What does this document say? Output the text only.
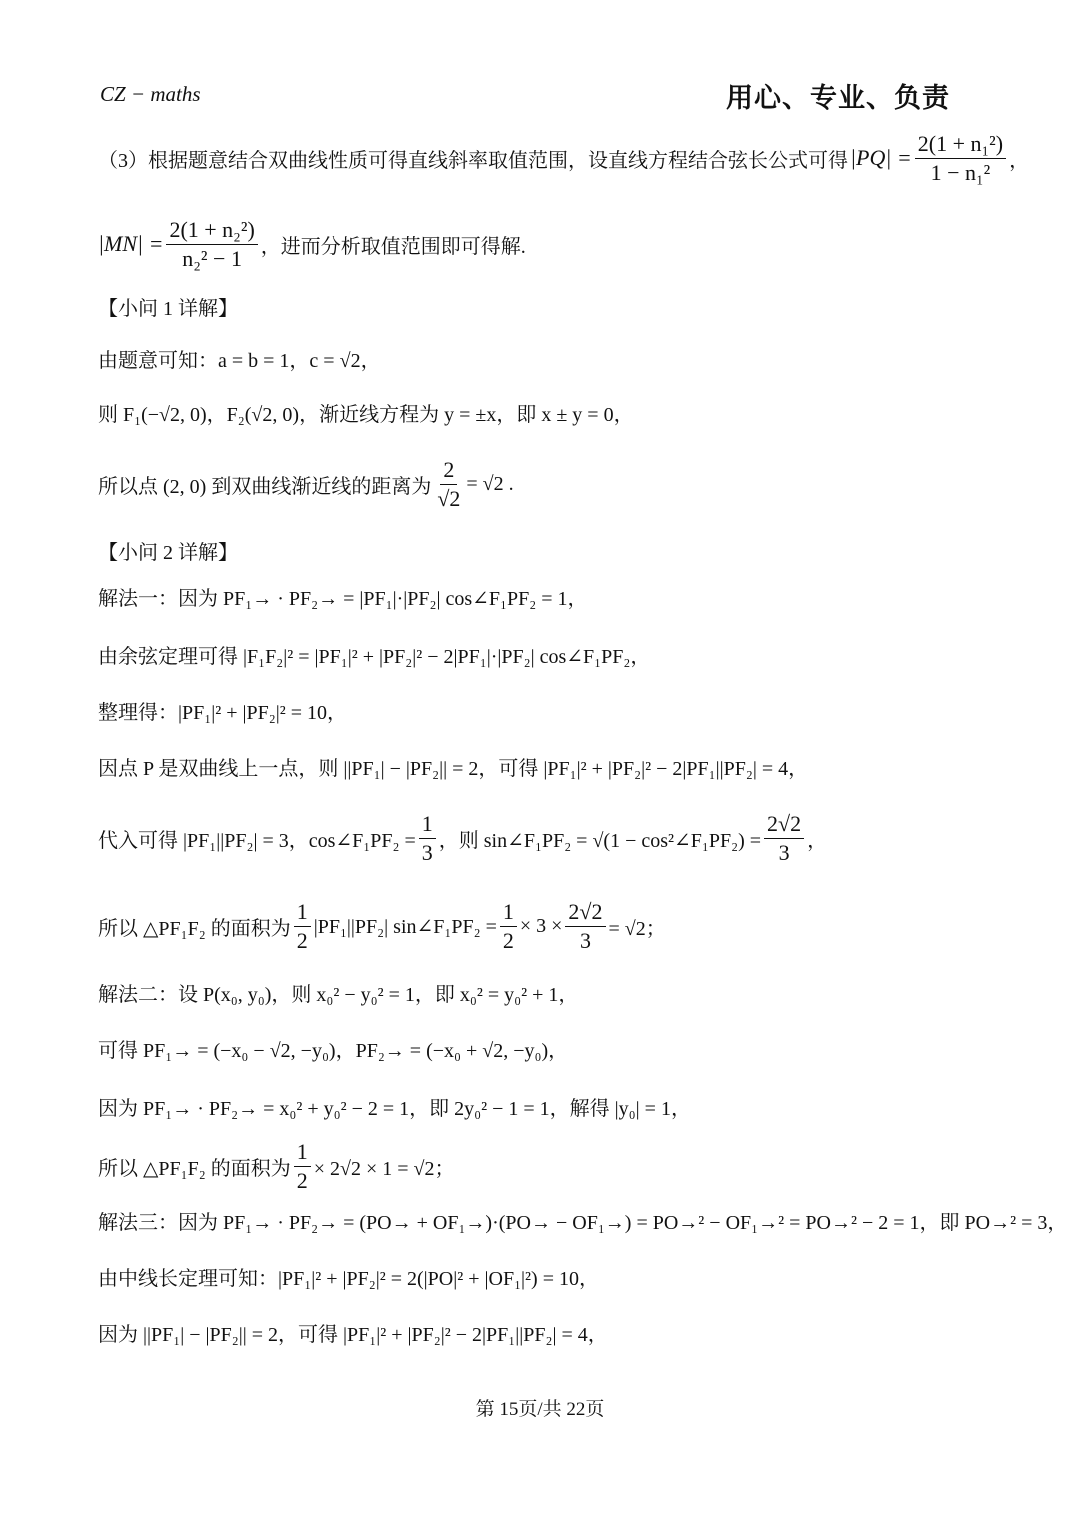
CZ − maths	用心、专业、负责
（3）根据题意结合双曲线性质可得直线斜率取值范围，设直线方程结合弦长公式可得 $|PQ| = \frac{\text{2(1 + n₁²)}}{\text{1 − n₁²}}$ ，
$|MN| = \frac{\text{2(1 + n₂²)}}{\text{n₂² − 1}}$ ，进而分析取值范围即可得解.
【小问 1 详解】
由题意可知：a = b = 1，c = √2，
则 F₁(−√2, 0)，F₂(√2, 0)，渐近线方程为 y = ±x，即 x ± y = 0，
所以点 (2, 0) 到双曲线渐近线的距离为 $\frac{2}{√2} = √2$ .
【小问 2 详解】
解法一：因为 PF₁→ · PF₂→ = |PF₁|·|PF₂| cos∠F₁PF₂ = 1，
由余弦定理可得 |F₁F₂|² = |PF₁|² + |PF₂|² − 2|PF₁|·|PF₂| cos∠F₁PF₂，
整理得：|PF₁|² + |PF₂|² = 10，
因点 P 是双曲线上一点，则 ||PF₁| − |PF₂|| = 2，可得 |PF₁|² + |PF₂|² − 2|PF₁||PF₂| = 4，
代入可得 |PF₁||PF₂| = 3，cos∠F₁PF₂ = $\frac{1}{3}$ ，则 sin∠F₁PF₂ = √(1 − cos²∠F₁PF₂) = $\frac{2√2}{3}$ ，
所以 △PF₁F₂ 的面积为 $\frac{1}{2} |PF_1||PF_2|$ sin∠F₁PF₂ = $\frac{1}{2} \times 3 \times \frac{2√2}{3} = √2$；
解法二：设 P(x₀, y₀)，则 x₀² − y₀² = 1，即 x₀² = y₀² + 1，
可得 PF₁→ = (−x₀ − √2, −y₀)，PF₂→ = (−x₀ + √2, −y₀)，
因为 PF₁→ · PF₂→ = x₀² + y₀² − 2 = 1，即 2y₀² − 1 = 1，解得 |y₀| = 1，
所以 △PF₁F₂ 的面积为 $\frac{1}{2} \times 2√2 \times 1 = √2$；
解法三：因为 PF₁→ · PF₂→ = (PO→ + OF₁→)·(PO→ − OF₁→) = PO→² − OF₁→² = PO→² − 2 = 1，即 PO→² = 3，
由中线长定理可知：|PF₁|² + |PF₂|² = 2(|PO|² + |OF₁|²) = 10，
因为 ||PF₁| − |PF₂|| = 2，可得 |PF₁|² + |PF₂|² − 2|PF₁||PF₂| = 4，
第 15页/共 22页
